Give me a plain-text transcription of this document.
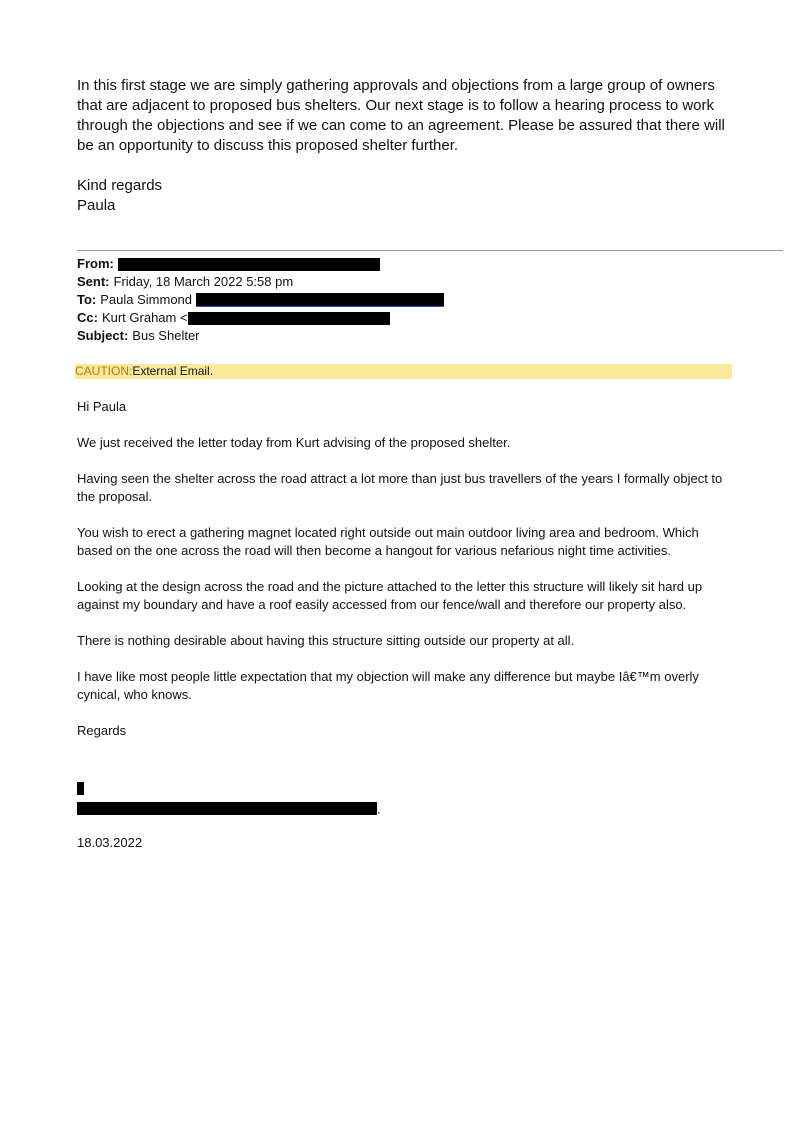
In this first stage we are simply gathering approvals and objections from a large group of owners that are adjacent to proposed bus shelters. Our next stage is to follow a hearing process to work through the objections and see if we can come to an agreement. Please be assured that there will be an opportunity to discuss this proposed shelter further.

Kind regards
Paula
From:
Sent: Friday, 18 March 2022 5:58 pm
To: Paula Simmond
Cc: Kurt Graham <
Subject: Bus Shelter
CAUTION:External Email.

Hi Paula

We just received the letter today from Kurt advising of the proposed shelter.

Having seen the shelter across the road attract a lot more than just bus travellers of the years I formally object to the proposal.

You wish to erect a gathering magnet located right outside out main outdoor living area and bedroom. Which based on the one across the road will then become a hangout for various nefarious night time activities.

Looking at the design across the road and the picture attached to the letter this structure will likely sit hard up against my boundary and have a roof easily accessed from our fence/wall and therefore our property also.

There is nothing desirable about having this structure sitting outside our property at all.

I have like most people little expectation that my objection will make any difference but maybe Iâ€™m overly cynical, who knows.

Regards

.
18.03.2022
